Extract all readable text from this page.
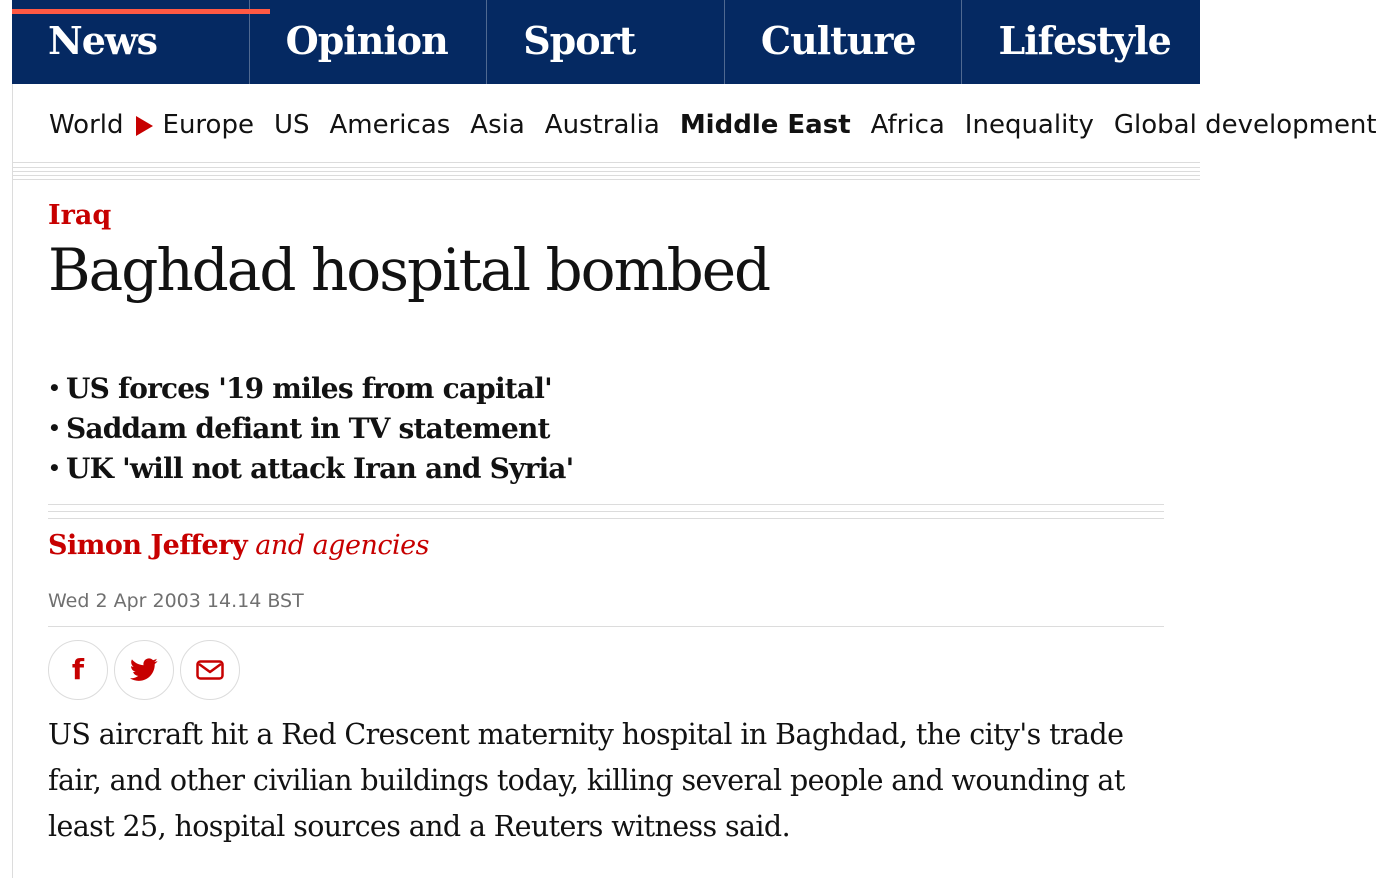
News	Opinion	Sport	Culture	Lifestyle
World Europe US Americas Asia Australia Middle East Africa Inequality Global development
Iraq
Baghdad hospital bombed
• US forces '19 miles from capital'
• Saddam defiant in TV statement
• UK 'will not attack Iran and Syria'
Simon Jeffery and agencies
Wed 2 Apr 2003 14.14 BST
f

US aircraft hit a Red Crescent maternity hospital in Baghdad, the city's trade fair, and other civilian buildings today, killing several people and wounding at least 25, hospital sources and a Reuters witness said.
